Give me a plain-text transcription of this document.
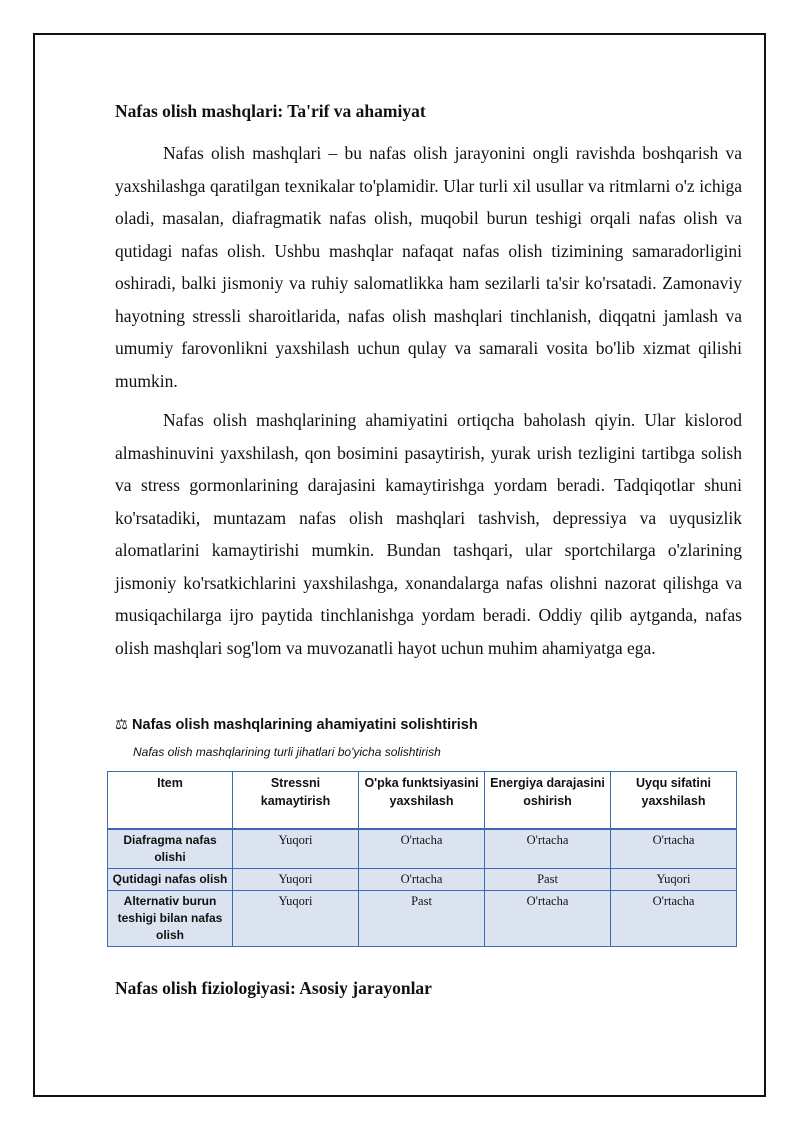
Nafas olish mashqlari: Ta'rif va ahamiyat

Nafas olish mashqlari – bu nafas olish jarayonini ongli ravishda boshqarish va yaxshilashga qaratilgan texnikalar to'plamidir. Ular turli xil usullar va ritmlarni o'z ichiga oladi, masalan, diafragmatik nafas olish, muqobil burun teshigi orqali nafas olish va qutidagi nafas olish. Ushbu mashqlar nafaqat nafas olish tizimining samaradorligini oshiradi, balki jismoniy va ruhiy salomatlikka ham sezilarli ta'sir ko'rsatadi. Zamonaviy hayotning stressli sharoitlarida, nafas olish mashqlari tinchlanish, diqqatni jamlash va umumiy farovonlikni yaxshilash uchun qulay va samarali vosita bo'lib xizmat qilishi mumkin.

Nafas olish mashqlarining ahamiyatini ortiqcha baholash qiyin. Ular kislorod almashinuvini yaxshilash, qon bosimini pasaytirish, yurak urish tezligini tartibga solish va stress gormonlarining darajasini kamaytirishga yordam beradi. Tadqiqotlar shuni ko'rsatadiki, muntazam nafas olish mashqlari tashvish, depressiya va uyqusizlik alomatlarini kamaytirishi mumkin. Bundan tashqari, ular sportchilarga o'zlarining jismoniy ko'rsatkichlarini yaxshilashga, xonandalarga nafas olishni nazorat qilishga va musiqachilarga ijro paytida tinchlanishga yordam beradi. Oddiy qilib aytganda, nafas olish mashqlari sog'lom va muvozanatli hayot uchun muhim ahamiyatga ega.

⚖ Nafas olish mashqlarining ahamiyatini solishtirish
Nafas olish mashqlarining turli jihatlari bo'yicha solishtirish
Item	Stressni kamaytirish	O'pka funktsiyasini yaxshilash	Energiya darajasini oshirish	Uyqu sifatini yaxshilash
Diafragma nafas olishi	Yuqori	O'rtacha	O'rtacha	O'rtacha
Qutidagi nafas olish	Yuqori	O'rtacha	Past	Yuqori
Alternativ burun teshigi bilan nafas olish	Yuqori	Past	O'rtacha	O'rtacha
Nafas olish fiziologiyasi: Asosiy jarayonlar
